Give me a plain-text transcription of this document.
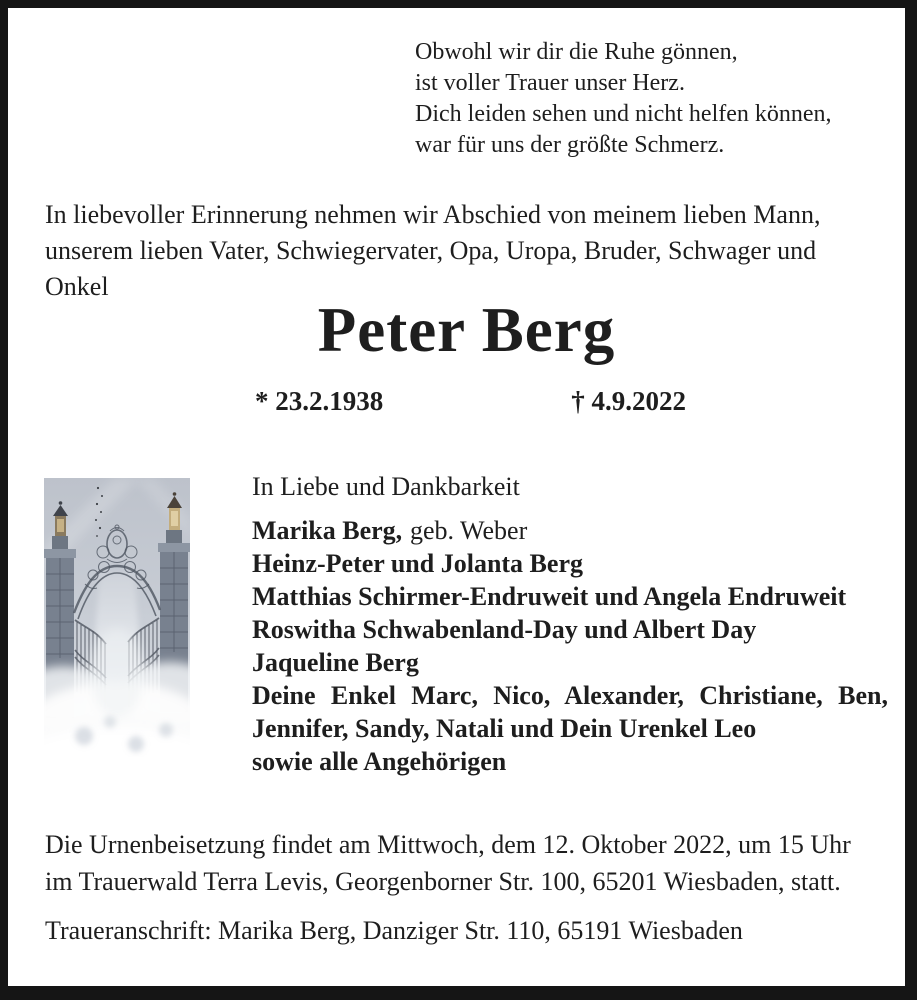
Obwohl wir dir die Ruhe gönnen,
ist voller Trauer unser Herz.
Dich leiden sehen und nicht helfen können,
war für uns der größte Schmerz.
In liebevoller Erinnerung nehmen wir Abschied von meinem lieben Mann,
unserem lieben Vater, Schwiegervater, Opa, Uropa, Bruder, Schwager und
Onkel
Peter Berg
* 23.2.1938	† 4.9.2022
In Liebe und Dankbarkeit
Marika Berg, geb. Weber
Heinz-Peter und Jolanta Berg
Matthias Schirmer-Endruweit und Angela Endruweit
Roswitha Schwabenland-Day und Albert Day
Jaqueline Berg
Deine Enkel Marc, Nico, Alexander, Christiane, Ben,
Jennifer, Sandy, Natali und Dein Urenkel Leo
sowie alle Angehörigen
Die Urnenbeisetzung findet am Mittwoch, dem 12. Oktober 2022, um 15 Uhr
im Trauerwald Terra Levis, Georgenborner Str. 100, 65201 Wiesbaden, statt.
Traueranschrift: Marika Berg, Danziger Str. 110, 65191 Wiesbaden
